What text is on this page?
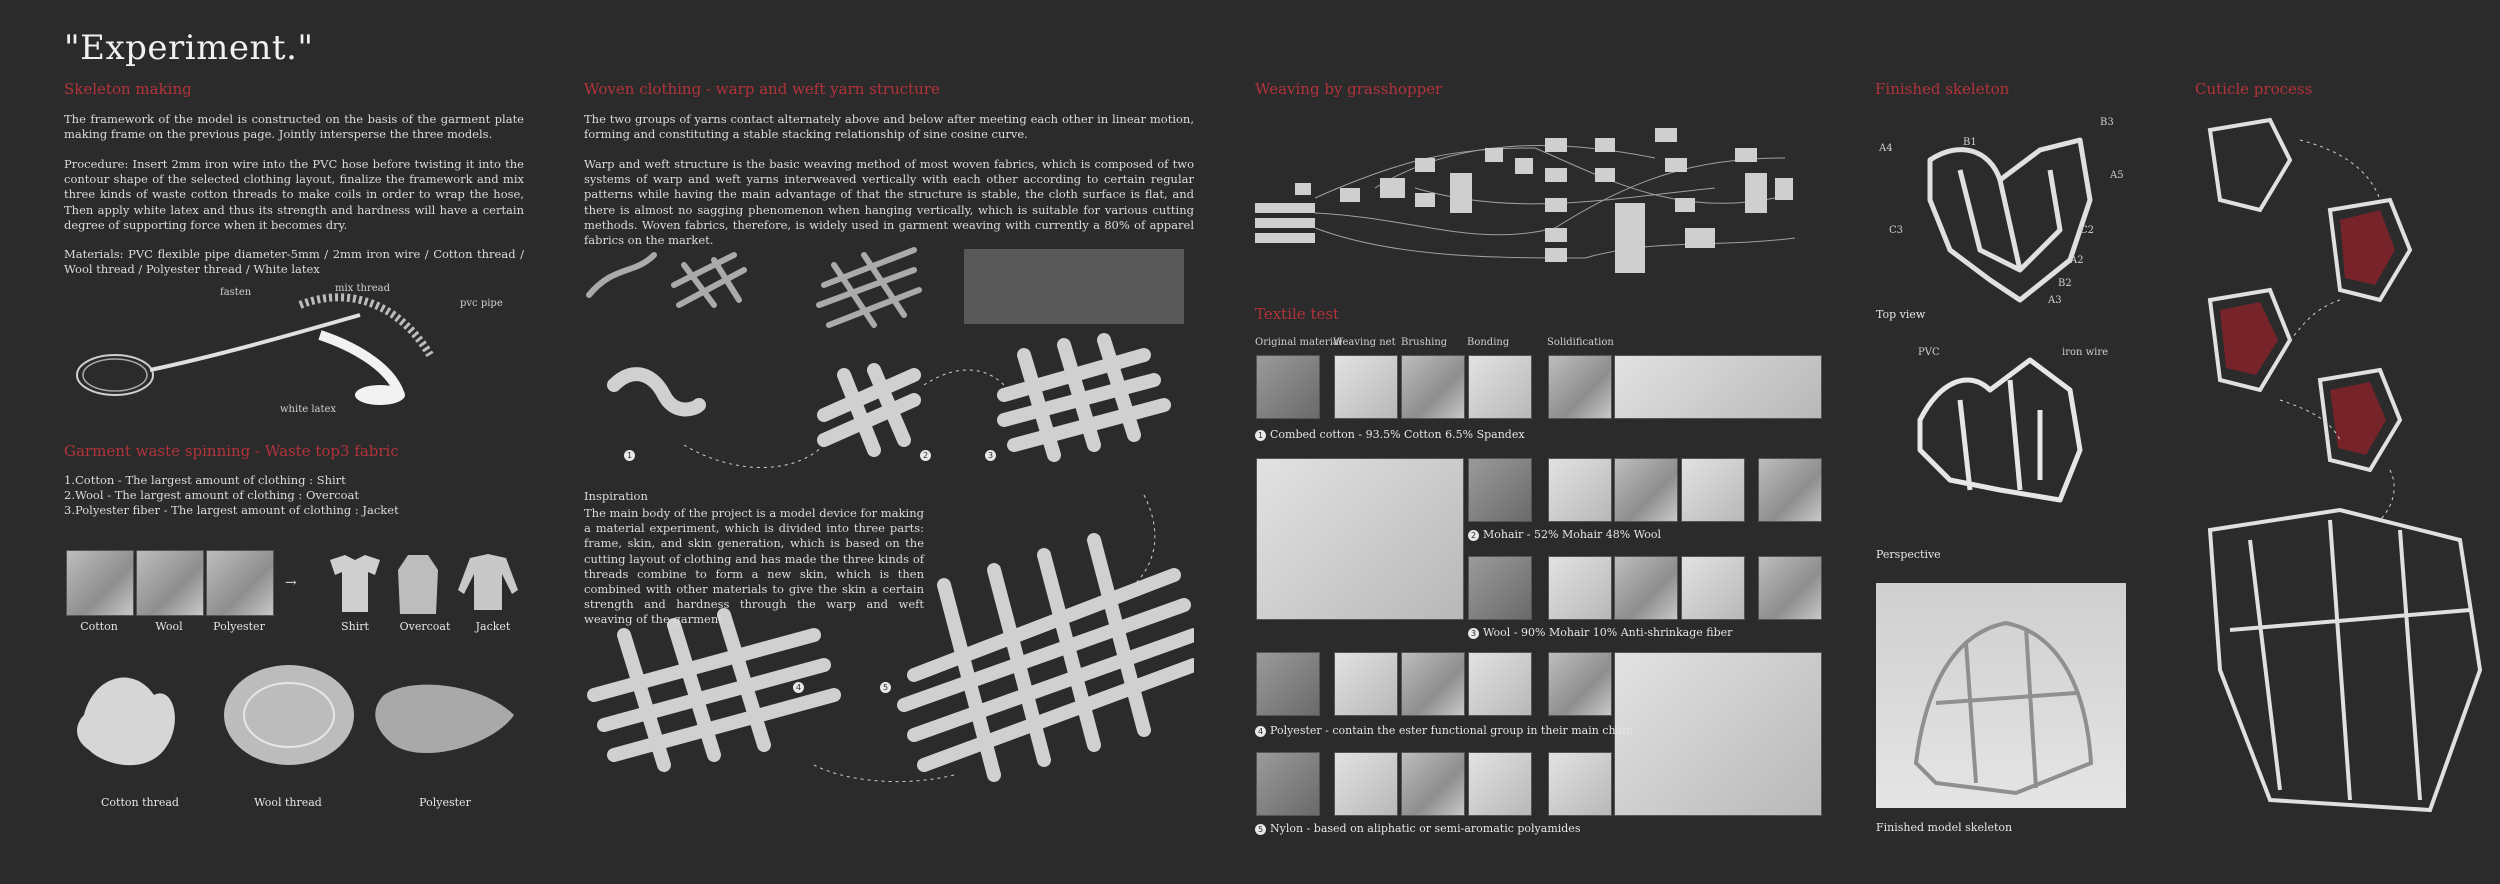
"Experiment."
Skeleton making
The framework of the model is constructed on the basis of the garment plate making frame on the previous page. Jointly intersperse the three models.
Procedure: Insert 2mm iron wire into the PVC hose before twisting it into the contour shape of the selected clothing layout, finalize the framework and mix three kinds of waste cotton threads to make coils in order to wrap the hose, Then apply white latex and thus its strength and hardness will have a certain degree of supporting force when it becomes dry.
Materials: PVC flexible pipe diameter-5mm / 2mm iron wire / Cotton thread / Wool thread / Polyester thread / White latex
fasten	mix thread
pvc pipe
white latex
Garment waste spinning - Waste top3 fabric
1.Cotton - The largest amount of clothing : Shirt
2.Wool - The largest amount of clothing : Overcoat
3.Polyester fiber - The largest amount of clothing : Jacket
Cotton	Wool	Polyester
→
Shirt	Overcoat	Jacket
Cotton thread	Wool thread	Polyester
Woven clothing - warp and weft yarn structure
The two groups of yarns contact alternately above and below after meeting each other in linear motion, forming and constituting a stable stacking relationship of sine cosine curve.
Warp and weft structure is the basic weaving method of most woven fabrics, which is composed of two systems of warp and weft yarns interweaved vertically with each other according to certain regular patterns while having the main advantage of that the structure is stable, the cloth surface is flat, and there is almost no sagging phenomenon when hanging vertically, which is suitable for various cutting methods. Woven fabrics, therefore, is widely used in garment weaving with currently a 80% of apparel fabrics on the market.
1	2	3
4	5
Inspiration
The main body of the project is a model device for making a material experiment, which is divided into three parts: frame, skin, and skin generation, which is based on the cutting layout of clothing and has made the three kinds of threads combine to form a new skin, which is then combined with other materials to give the skin a certain strength and hardness through the warp and weft weaving of the garment.
Weaving by grasshopper
Textile test
Original material
Weaving net Brushing Bonding	Solidification
1 Combed cotton - 93.5% Cotton 6.5% Spandex
2 Mohair - 52% Mohair 48% Wool
3 Wool - 90% Mohair 10% Anti-shrinkage fiber
4 Polyester - contain the ester functional group in their main chain
5 Nylon - based on aliphatic or semi-aromatic polyamides
Finished skeleton
A4
B1
B3
A5
C3	C2
A2
B2
A3
Top view
PVC	iron wire
Perspective
Finished model skeleton
Cuticle process
